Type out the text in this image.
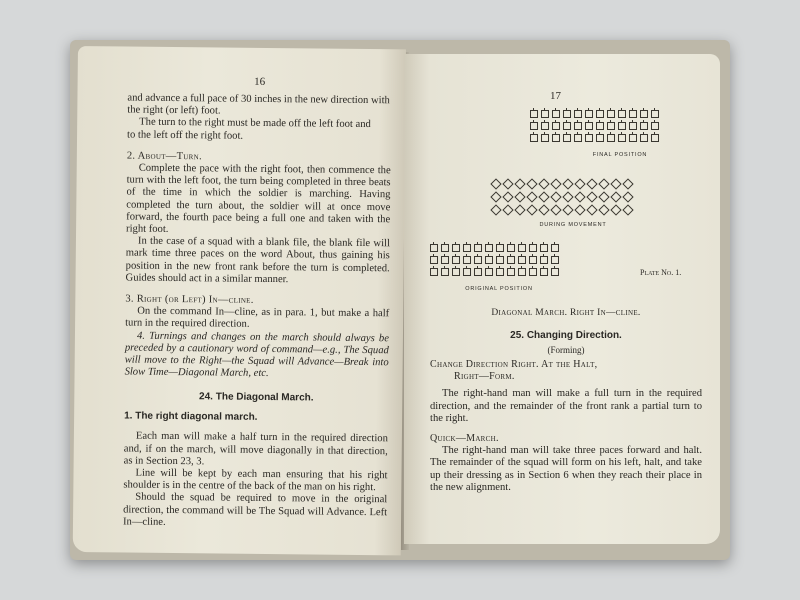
16

and advance a full pace of 30 inches in the new direction with

the right (or left) foot.

The turn to the right must be made off the left foot and

to the left off the right foot.

2. About—Turn.

Complete the pace with the right foot, then commence the turn with the left foot, the turn being completed in three beats of the time in which the soldier is marching. Having completed the turn about, the soldier will at once move forward, the fourth pace being a full one and taken with the right foot.

In the case of a squad with a blank file, the blank file will mark time three paces on the word About, thus gaining his position in the new front rank before the turn is completed. Guides should act in a similar manner.

3. Right (or Left) In—cline.

On the command In—cline, as in para. 1, but make a half turn in the required direction.

4. Turnings and changes on the march should always be preceded by a cautionary word of command—e.g., The Squad will move to the Right—the Squad will Advance—Break into Slow Time—Diagonal March, etc.

24. The Diagonal March.
1. The right diagonal march.

Each man will make a half turn in the required direction and, if on the march, will move diagonally in that direction, as in Section 23, 3.

Line will be kept by each man ensuring that his right shoulder is in the centre of the back of the man on his right.

Should the squad be required to move in the original direction, the command will be The Squad will Advance. Left In—cline.

17
FINAL POSITION
DURING MOVEMENT
ORIGINAL POSITION
Plate No. 1.
Diagonal March. Right In—cline.
25. Changing Direction.
(Forming)

Change Direction Right. At the Halt,

Right—Form.

The right-hand man will make a full turn in the required direction, and the remainder of the front rank a partial turn to the right.

Quick—March.

The right-hand man will take three paces forward and halt. The remainder of the squad will form on his left, halt, and take up their dressing as in Section 6 when they reach their place in the new alignment.
